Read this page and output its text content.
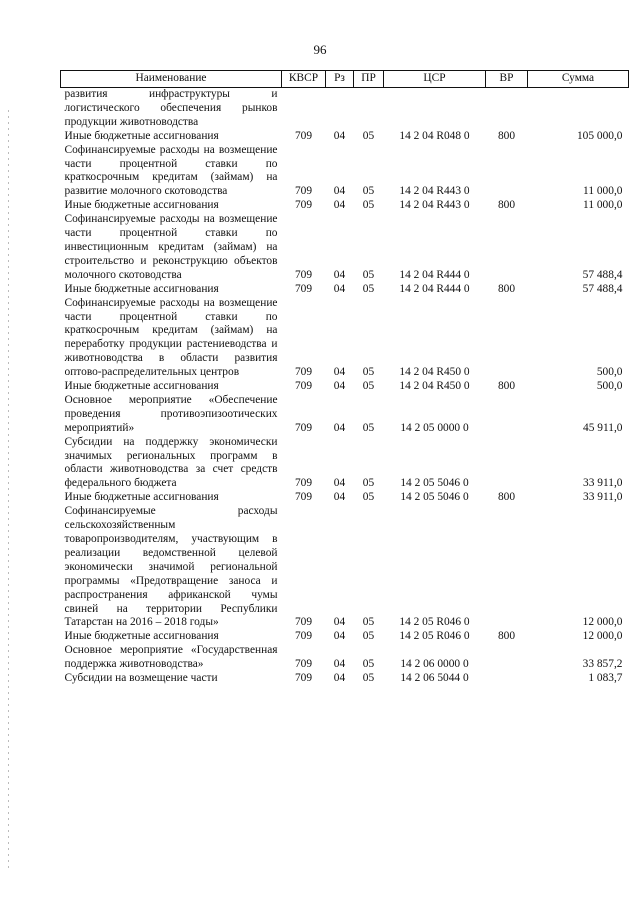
96
Наименование	КВСР	Рз	ПР	ЦСР	ВР	Сумма
развития инфраструктуры и логистического обеспечения рынков продукции животноводства						
Иные бюджетные ассигнования	709	04	05	14 2 04 R048 0	800	105 000,0
Софинансируемые расходы на возмещение части процентной ставки по краткосрочным кредитам (займам) на развитие молочного скотоводства	709	04	05	14 2 04 R443 0		11 000,0
Иные бюджетные ассигнования	709	04	05	14 2 04 R443 0	800	11 000,0
Софинансируемые расходы на возмещение части процентной ставки по инвестиционным кредитам (займам) на строительство и реконструкцию объектов молочного скотоводства	709	04	05	14 2 04 R444 0		57 488,4
Иные бюджетные ассигнования	709	04	05	14 2 04 R444 0	800	57 488,4
Софинансируемые расходы на возмещение части процентной ставки по краткосрочным кредитам (займам) на переработку продукции растениеводства и животноводства в области развития оптово-распределительных центров	709	04	05	14 2 04 R450 0		500,0
Иные бюджетные ассигнования	709	04	05	14 2 04 R450 0	800	500,0
Основное мероприятие «Обеспечение проведения противоэпизоотических мероприятий»	709	04	05	14 2 05 0000 0		45 911,0
Субсидии на поддержку экономически значимых региональных программ в области животноводства за счет средств федерального бюджета	709	04	05	14 2 05 5046 0		33 911,0
Иные бюджетные ассигнования	709	04	05	14 2 05 5046 0	800	33 911,0
Софинансируемые расходы сельскохозяйственным товаропроизводителям, участвующим в реализации ведомственной целевой экономически значимой региональной программы «Предотвращение заноса и распространения африканской чумы свиней на территории Республики Татарстан на 2016 – 2018 годы»	709	04	05	14 2 05 R046 0		12 000,0
Иные бюджетные ассигнования	709	04	05	14 2 05 R046 0	800	12 000,0
Основное мероприятие «Государственная поддержка животноводства»	709	04	05	14 2 06 0000 0		33 857,2
Субсидии на возмещение части	709	04	05	14 2 06 5044 0		1 083,7
